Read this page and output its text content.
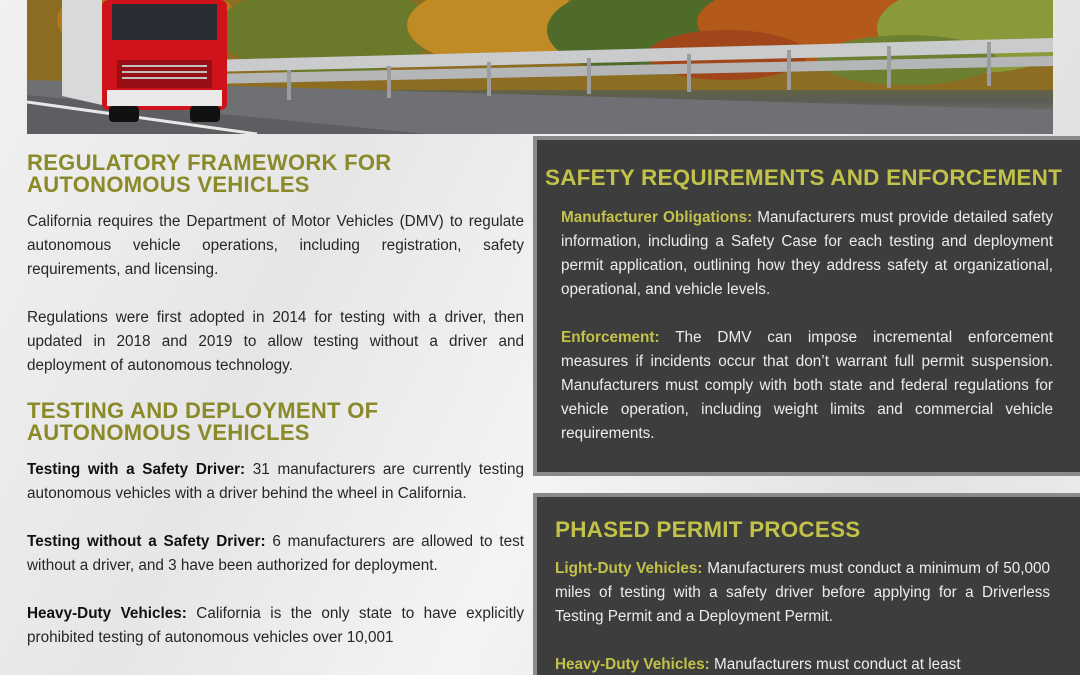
REGULATORY FRAMEWORK FOR
AUTONOMOUS VEHICLES

California requires the Department of Motor Vehicles (DMV) to regulate autonomous vehicle operations, including registration, safety requirements, and licensing.

Regulations were first adopted in 2014 for testing with a driver, then updated in 2018 and 2019 to allow testing without a driver and deployment of autonomous technology.

TESTING AND DEPLOYMENT OF
AUTONOMOUS VEHICLES

Testing with a Safety Driver: 31 manufacturers are currently testing autonomous vehicles with a driver behind the wheel in California.

Testing without a Safety Driver: 6 manufacturers are allowed to test without a driver, and 3 have been authorized for deployment.

Heavy-Duty Vehicles: California is the only state to have explicitly prohibited testing of autonomous vehicles over 10,001

SAFETY REQUIREMENTS AND ENFORCEMENT

Manufacturer Obligations: Manufacturers must provide detailed safety information, including a Safety Case for each testing and deployment permit application, outlining how they address safety at organizational, operational, and vehicle levels.

Enforcement: The DMV can impose incremental enforcement measures if incidents occur that don’t warrant full permit suspension. Manufacturers must comply with both state and federal regulations for vehicle operation, including weight limits and commercial vehicle requirements.

PHASED PERMIT PROCESS

Light-Duty Vehicles: Manufacturers must conduct a minimum of 50,000 miles of testing with a safety driver before applying for a Driverless Testing Permit and a Deployment Permit.

Heavy-Duty Vehicles: Manufacturers must conduct at least
